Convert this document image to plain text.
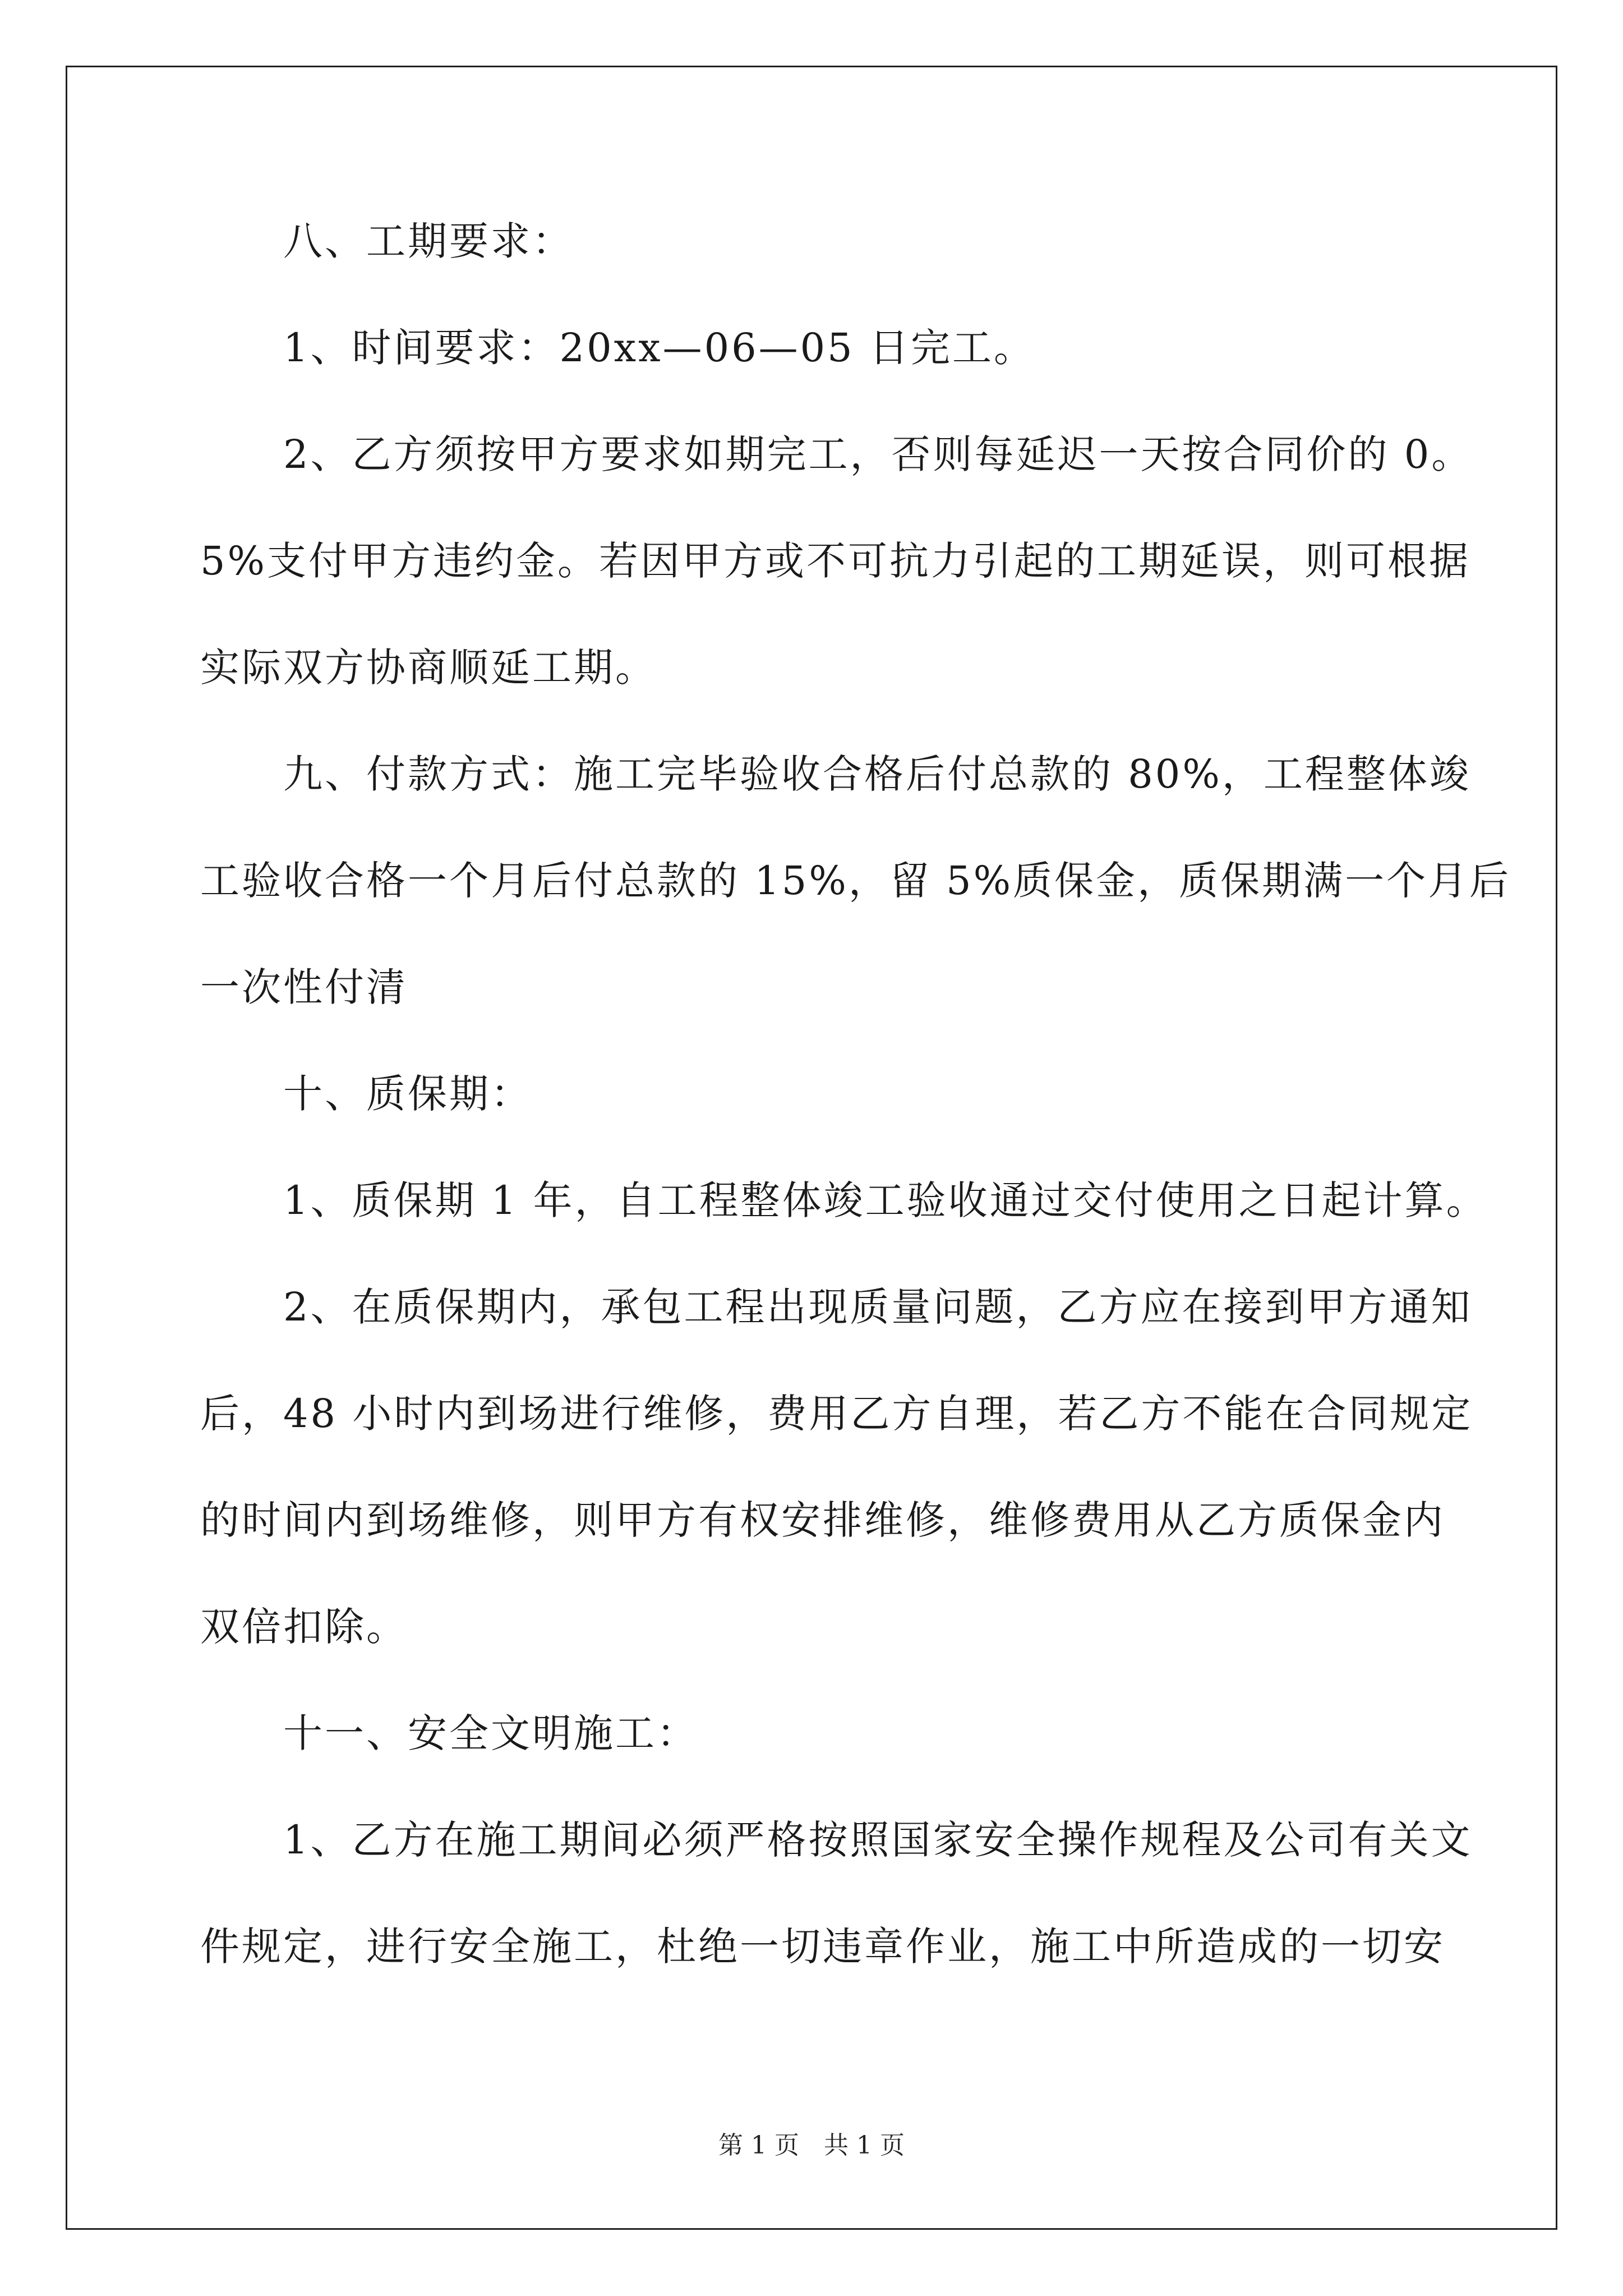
八、工期要求：
1、时间要求：20xx—06—05 日完工。
2、乙方须按甲方要求如期完工，否则每延迟一天按合同价的 0。
5%支付甲方违约金。若因甲方或不可抗力引起的工期延误，则可根据
实际双方协商顺延工期。
九、付款方式：施工完毕验收合格后付总款的 80%，工程整体竣
工验收合格一个月后付总款的 15%，留 5%质保金，质保期满一个月后
一次性付清
十、质保期：
1、质保期 1 年，自工程整体竣工验收通过交付使用之日起计算。
2、在质保期内，承包工程出现质量问题，乙方应在接到甲方通知
后，48 小时内到场进行维修，费用乙方自理，若乙方不能在合同规定
的时间内到场维修，则甲方有权安排维修，维修费用从乙方质保金内
双倍扣除。
十一、安全文明施工：
1、乙方在施工期间必须严格按照国家安全操作规程及公司有关文
件规定，进行安全施工，杜绝一切违章作业，施工中所造成的一切安
第 1 页　共 1 页
